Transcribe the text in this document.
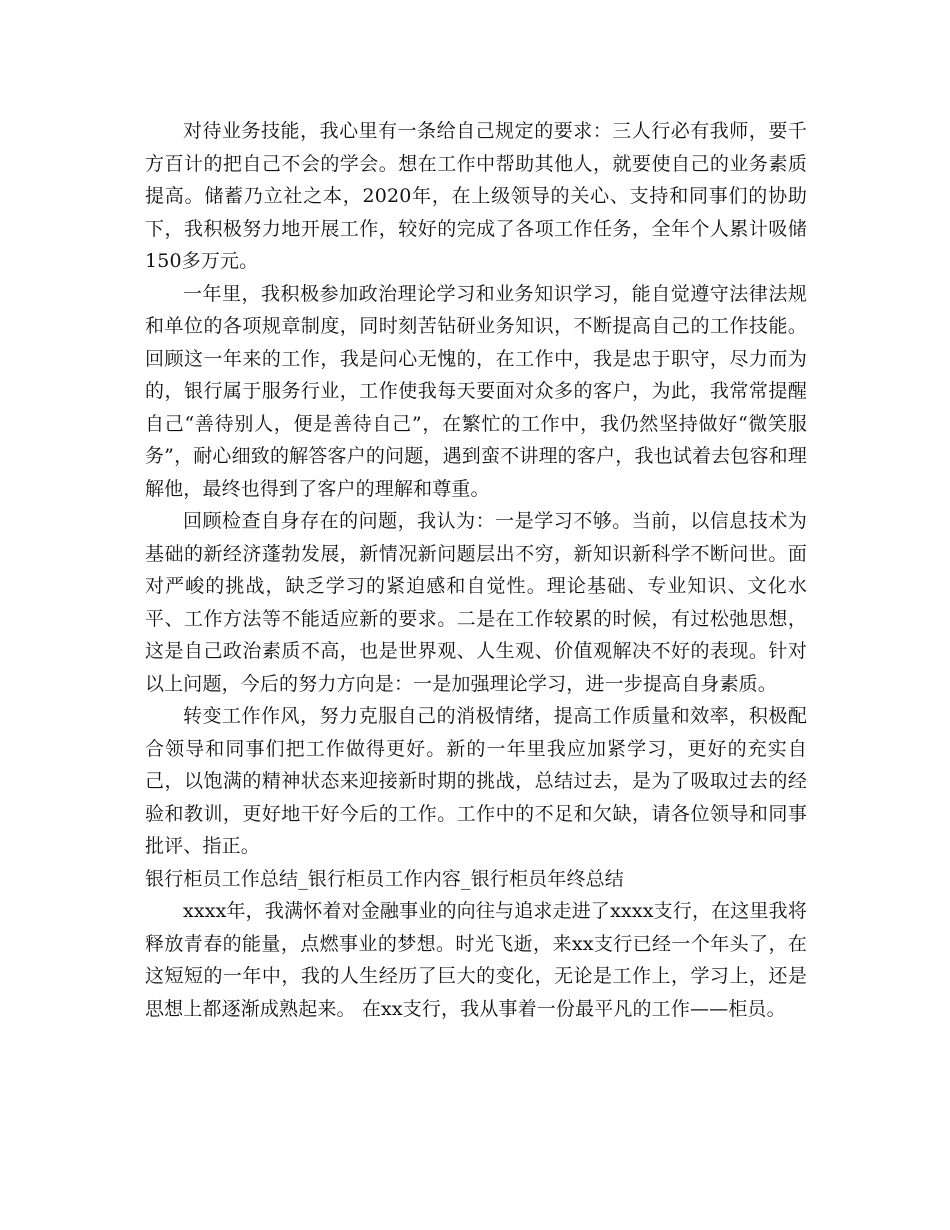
对待业务技能，我心里有一条给自己规定的要求：三人行必有我师，要千方百计的把自己不会的学会。想在工作中帮助其他人，就要使自己的业务素质提高。储蓄乃立社之本，2020年，在上级领导的关心、支持和同事们的协助下，我积极努力地开展工作，较好的完成了各项工作任务，全年个人累计吸储150多万元。

一年里，我积极参加政治理论学习和业务知识学习，能自觉遵守法律法规和单位的各项规章制度，同时刻苦钻研业务知识，不断提高自己的工作技能。回顾这一年来的工作，我是问心无愧的，在工作中，我是忠于职守，尽力而为的，银行属于服务行业，工作使我每天要面对众多的客户，为此，我常常提醒自己“善待别人，便是善待自己”，在繁忙的工作中，我仍然坚持做好“微笑服务”，耐心细致的解答客户的问题，遇到蛮不讲理的客户，我也试着去包容和理解他，最终也得到了客户的理解和尊重。

回顾检查自身存在的问题，我认为：一是学习不够。当前，以信息技术为基础的新经济蓬勃发展，新情况新问题层出不穷，新知识新科学不断问世。面对严峻的挑战，缺乏学习的紧迫感和自觉性。理论基础、专业知识、文化水平、工作方法等不能适应新的要求。二是在工作较累的时候，有过松弛思想，这是自己政治素质不高，也是世界观、人生观、价值观解决不好的表现。针对以上问题，今后的努力方向是：一是加强理论学习，进一步提高自身素质。

转变工作作风，努力克服自己的消极情绪，提高工作质量和效率，积极配合领导和同事们把工作做得更好。新的一年里我应加紧学习，更好的充实自己，以饱满的精神状态来迎接新时期的挑战，总结过去，是为了吸取过去的经验和教训，更好地干好今后的工作。工作中的不足和欠缺，请各位领导和同事批评、指正。

银行柜员工作总结_银行柜员工作内容_银行柜员年终总结

xxxx年，我满怀着对金融事业的向往与追求走进了xxxx支行，在这里我将释放青春的能量，点燃事业的梦想。时光飞逝，来xx支行已经一个年头了，在这短短的一年中，我的人生经历了巨大的变化，无论是工作上，学习上，还是思想上都逐渐成熟起来。 在xx支行，我从事着一份最平凡的工作——柜员。
